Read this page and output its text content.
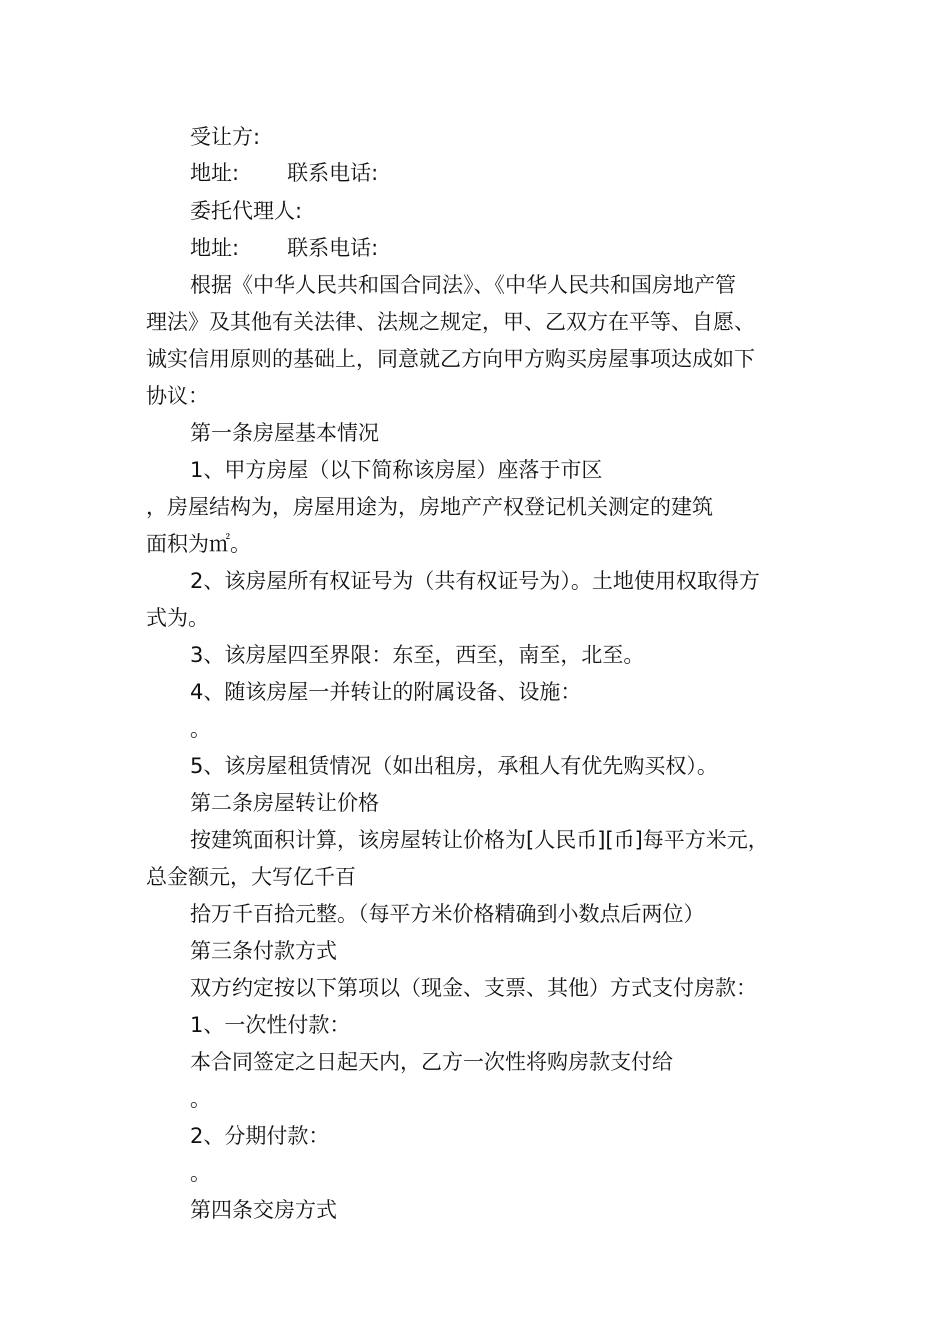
受让方:
地址: 联系电话:
委托代理人:
地址: 联系电话:
根据《中华人民共和国合同法》、《中华人民共和国房地产管
理法》及其他有关法律、法规之规定，甲、乙双方在平等、自愿、
诚实信用原则的基础上，同意就乙方向甲方购买房屋事项达成如下
协议：
第一条房屋基本情况
1、甲方房屋（以下简称该房屋）座落于市区
，房屋结构为，房屋用途为，房地产产权登记机关测定的建筑
面积为㎡。
2、该房屋所有权证号为（共有权证号为）。土地使用权取得方
式为。
3、该房屋四至界限：东至，西至，南至，北至。
4、随该房屋一并转让的附属设备、设施：
。
5、该房屋租赁情况（如出租房，承租人有优先购买权）。
第二条房屋转让价格
按建筑面积计算，该房屋转让价格为[人民币][币]每平方米元，
总金额元，大写亿千百
拾万千百拾元整。（每平方米价格精确到小数点后两位）
第三条付款方式
双方约定按以下第项以（现金、支票、其他）方式支付房款：
1、一次性付款：
本合同签定之日起天内，乙方一次性将购房款支付给
。
2、分期付款：
。
第四条交房方式
